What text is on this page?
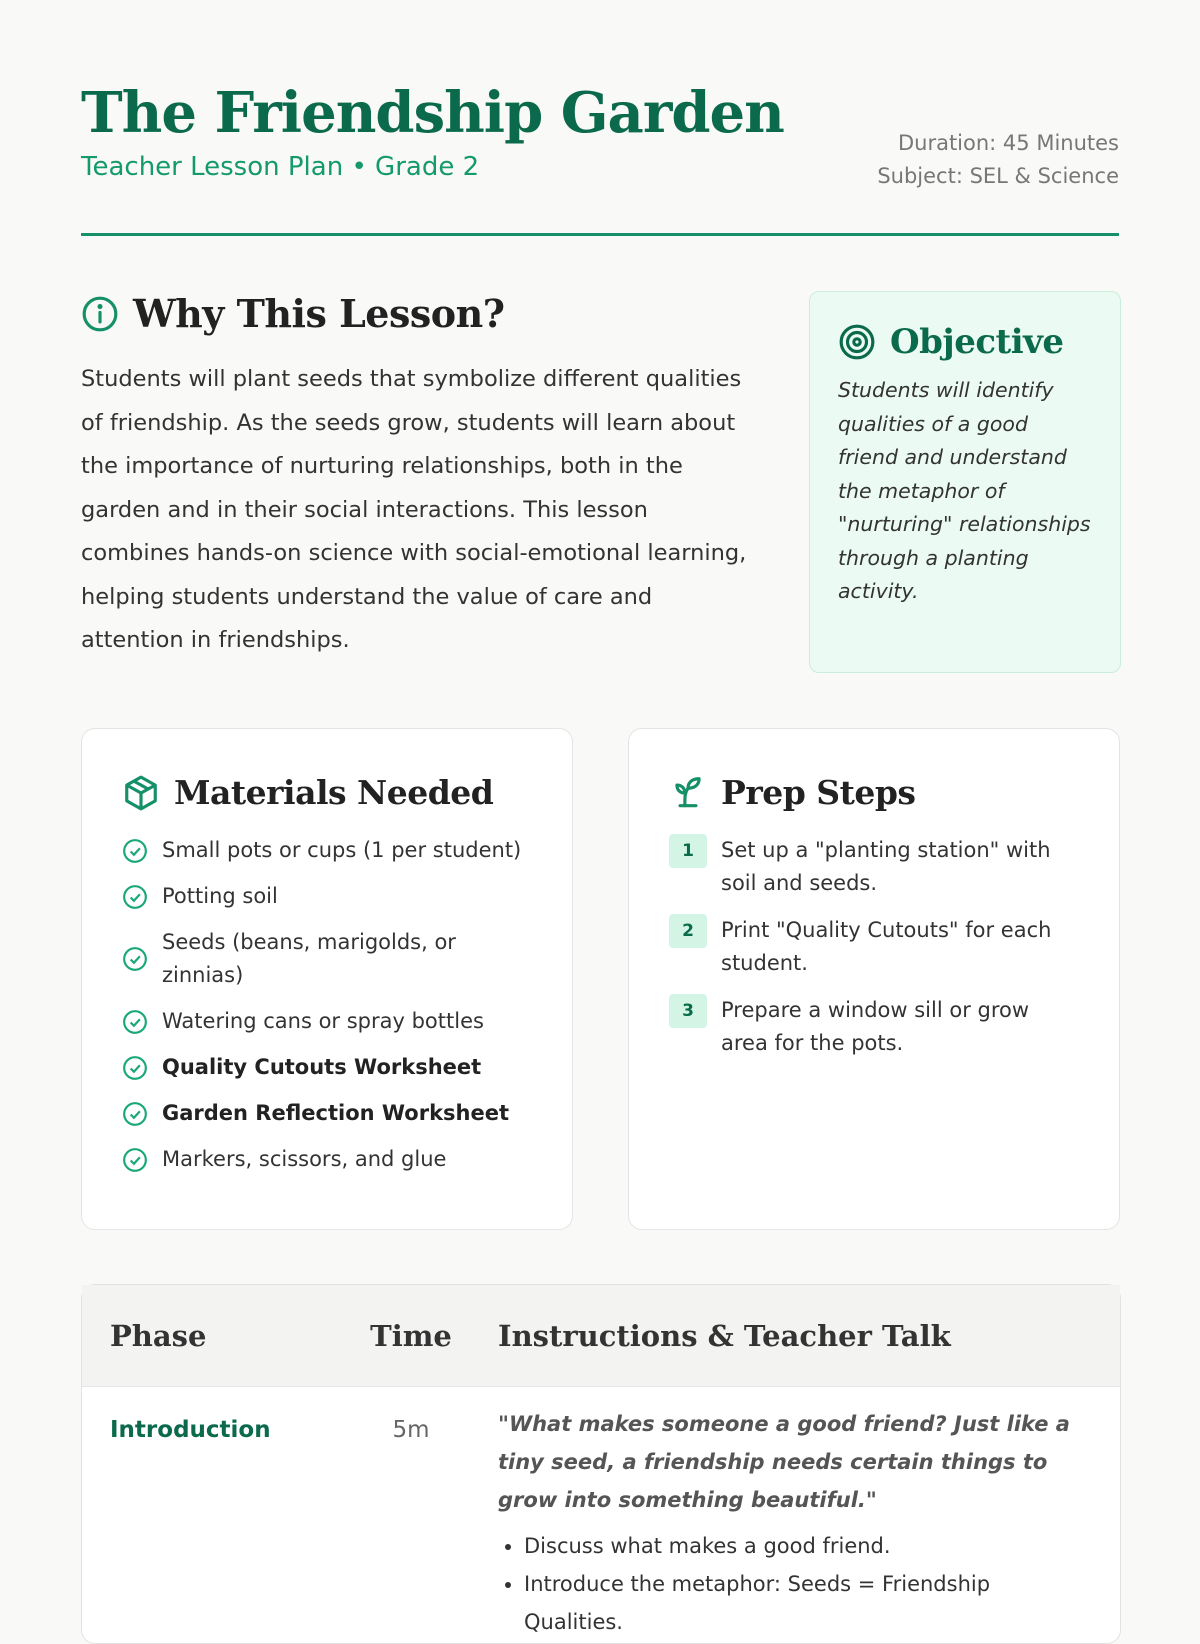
The Friendship Garden
Teacher Lesson Plan • Grade 2
Duration: 45 Minutes
Subject: SEL & Science
Why This Lesson?

Students will plant seeds that symbolize different qualities of friendship. As the seeds grow, students will learn about the importance of nurturing relationships, both in the garden and in their social interactions. This lesson combines hands-on science with social-emotional learning, helping students understand the value of care and attention in friendships.

Objective

Students will identify qualities of a good friend and understand the metaphor of "nurturing" relationships through a planting activity.

Materials Needed
Small pots or cups (1 per student)
Potting soil
Seeds (beans, marigolds, or zinnias)
Watering cans or spray bottles
Quality Cutouts Worksheet
Garden Reflection Worksheet
Markers, scissors, and glue
Prep Steps
1	Set up a "planting station" with soil and seeds.
2	Print "Quality Cutouts" for each student.
3	Prepare a window sill or grow area for the pots.
Phase	Time	Instructions & Teacher Talk
Introduction	5m	"What makes someone a good friend? Just like a tiny seed, a friendship needs certain things to grow into something beautiful."
• Discuss what makes a good friend.
• Introduce the metaphor: Seeds = Friendship Qualities.
